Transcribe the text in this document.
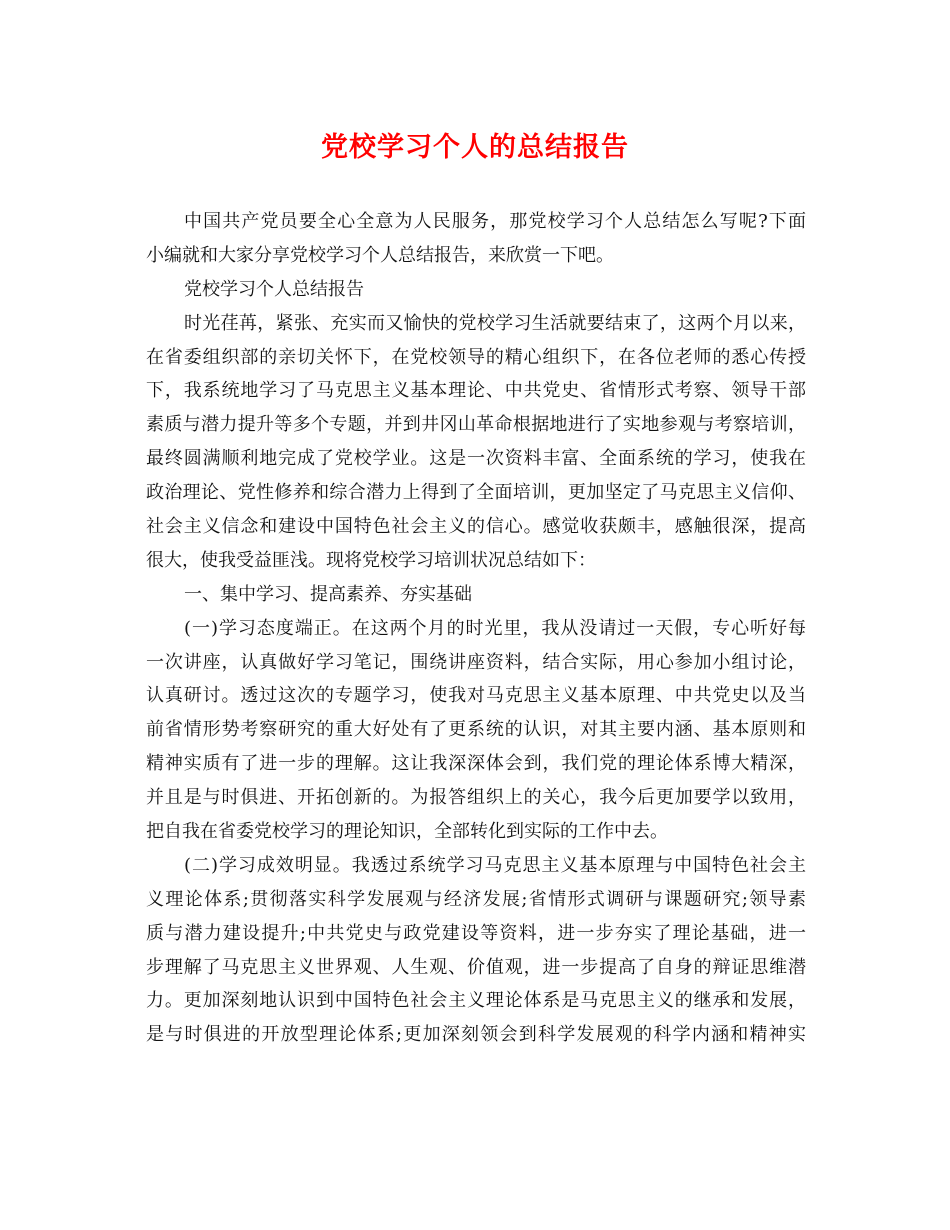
党校学习个人的总结报告
中国共产党员要全心全意为人民服务，那党校学习个人总结怎么写呢?下面
小编就和大家分享党校学习个人总结报告，来欣赏一下吧。
党校学习个人总结报告
时光荏苒，紧张、充实而又愉快的党校学习生活就要结束了，这两个月以来，
在省委组织部的亲切关怀下，在党校领导的精心组织下，在各位老师的悉心传授
下，我系统地学习了马克思主义基本理论、中共党史、省情形式考察、领导干部
素质与潜力提升等多个专题，并到井冈山革命根据地进行了实地参观与考察培训，
最终圆满顺利地完成了党校学业。这是一次资料丰富、全面系统的学习，使我在
政治理论、党性修养和综合潜力上得到了全面培训，更加坚定了马克思主义信仰、
社会主义信念和建设中国特色社会主义的信心。感觉收获颇丰，感触很深，提高
很大，使我受益匪浅。现将党校学习培训状况总结如下：
一、集中学习、提高素养、夯实基础
(一)学习态度端正。在这两个月的时光里，我从没请过一天假，专心听好每
一次讲座，认真做好学习笔记，围绕讲座资料，结合实际，用心参加小组讨论，
认真研讨。透过这次的专题学习，使我对马克思主义基本原理、中共党史以及当
前省情形势考察研究的重大好处有了更系统的认识，对其主要内涵、基本原则和
精神实质有了进一步的理解。这让我深深体会到，我们党的理论体系博大精深，
并且是与时俱进、开拓创新的。为报答组织上的关心，我今后更加要学以致用，
把自我在省委党校学习的理论知识，全部转化到实际的工作中去。
(二)学习成效明显。我透过系统学习马克思主义基本原理与中国特色社会主
义理论体系;贯彻落实科学发展观与经济发展;省情形式调研与课题研究;领导素
质与潜力建设提升;中共党史与政党建设等资料，进一步夯实了理论基础，进一
步理解了马克思主义世界观、人生观、价值观，进一步提高了自身的辩证思维潜
力。更加深刻地认识到中国特色社会主义理论体系是马克思主义的继承和发展，
是与时俱进的开放型理论体系;更加深刻领会到科学发展观的科学内涵和精神实
